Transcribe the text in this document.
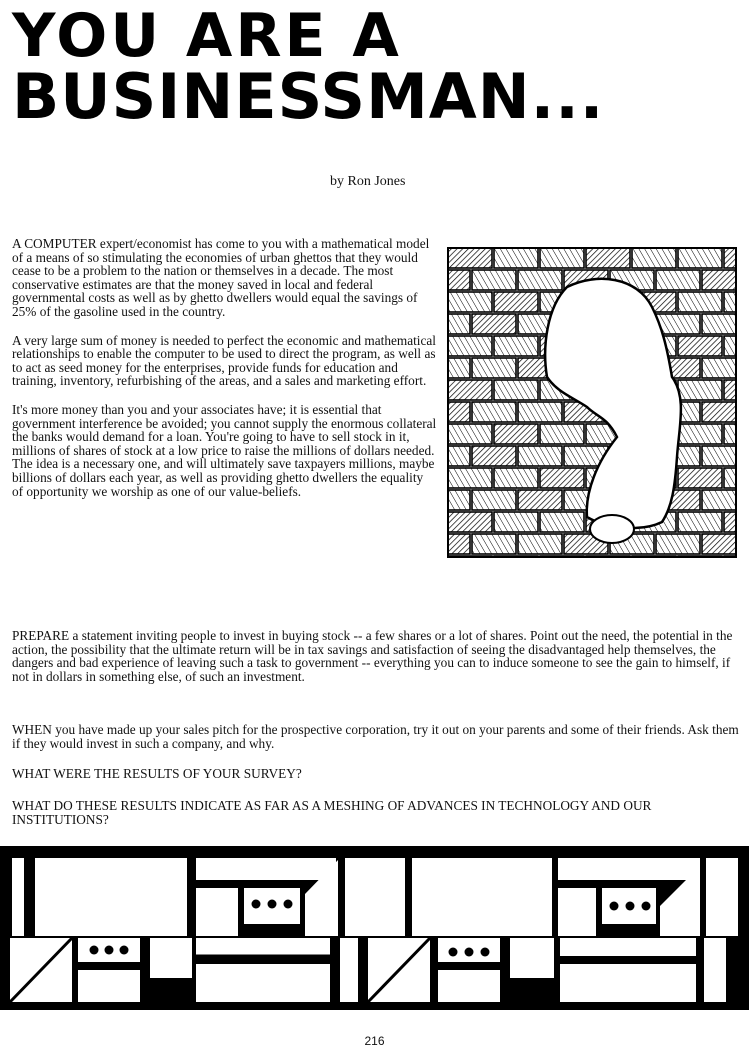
YOU ARE A
BUSINESSMAN...
by Ron Jones

A COMPUTER expert/economist has come to you with a mathematical model of a means of so stimulating the economies of urban ghettos that they would cease to be a problem to the nation or themselves in a decade. The most conservative estimates are that the money saved in local and federal governmental costs as well as by ghetto dwellers would equal the savings of 25% of the gasoline used in the country.

A very large sum of money is needed to perfect the economic and mathematical relationships to enable the computer to be used to direct the program, as well as to act as seed money for the enterprises, provide funds for education and training, inventory, refurbishing of the areas, and a sales and marketing effort.

It's more money than you and your associates have; it is essential that government interference be avoided; you cannot supply the enormous collateral the banks would demand for a loan. You're going to have to sell stock in it, millions of shares of stock at a low price to raise the millions of dollars needed. The idea is a necessary one, and will ultimately save taxpayers millions, maybe billions of dollars each year, as well as providing ghetto dwellers the equality of opportunity we worship as one of our value-beliefs.

PREPARE a statement inviting people to invest in buying stock -- a few shares or a lot of shares. Point out the need, the potential in the action, the possibility that the ultimate return will be in tax savings and satisfaction of seeing the disadvantaged help themselves, the dangers and bad experience of leaving such a task to government -- everything you can to induce someone to see the gain to himself, if not in dollars in something else, of such an investment.
WHEN you have made up your sales pitch for the prospective corporation, try it out on your parents and some of their friends. Ask them if they would invest in such a company, and why.
WHAT WERE THE RESULTS OF YOUR SURVEY?
WHAT DO THESE RESULTS INDICATE AS FAR AS A MESHING OF ADVANCES IN TECHNOLOGY AND OUR INSTITUTIONS?
216
